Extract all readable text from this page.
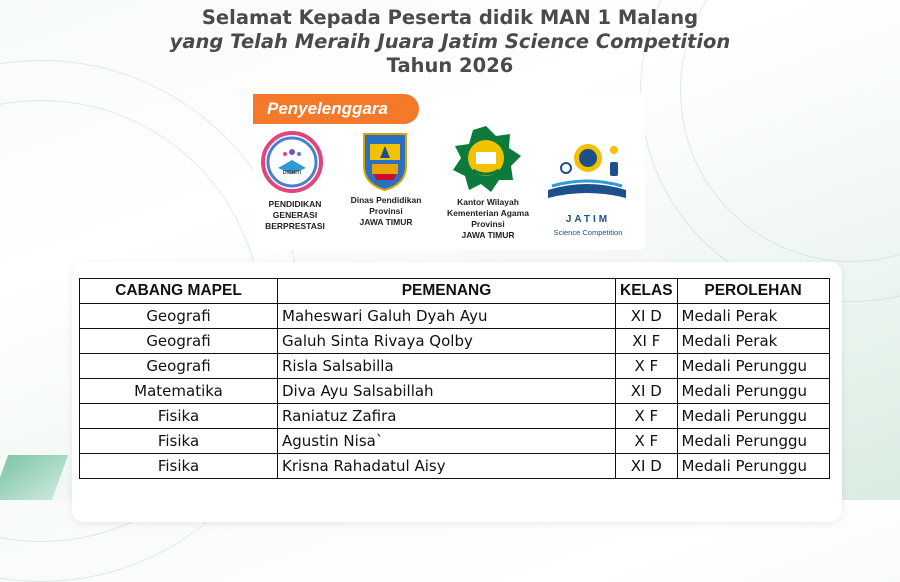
Selamat Kepada Peserta didik MAN 1 Malang
yang Telah Meraih Juara Jatim Science Competition
Tahun 2026
Penyelenggara
DIGNITI
PENDIDIKAN
GENERASI
BERPRESTASI
Dinas Pendidikan
Provinsi
JAWA TIMUR
Kantor Wilayah
Kementerian Agama
Provinsi
JAWA TIMUR
JATIM
Science Competition
CABANG MAPEL	PEMENANG	KELAS	PEROLEHAN
Geografi	Maheswari Galuh Dyah Ayu	XI D	Medali Perak
Geografi	Galuh Sinta Rivaya Qolby	XI F	Medali Perak
Geografi	Risla Salsabilla	X F	Medali Perunggu
Matematika	Diva Ayu Salsabillah	XI D	Medali Perunggu
Fisika	Raniatuz Zafira	X F	Medali Perunggu
Fisika	Agustin Nisa`	X F	Medali Perunggu
Fisika	Krisna Rahadatul Aisy	XI D	Medali Perunggu
